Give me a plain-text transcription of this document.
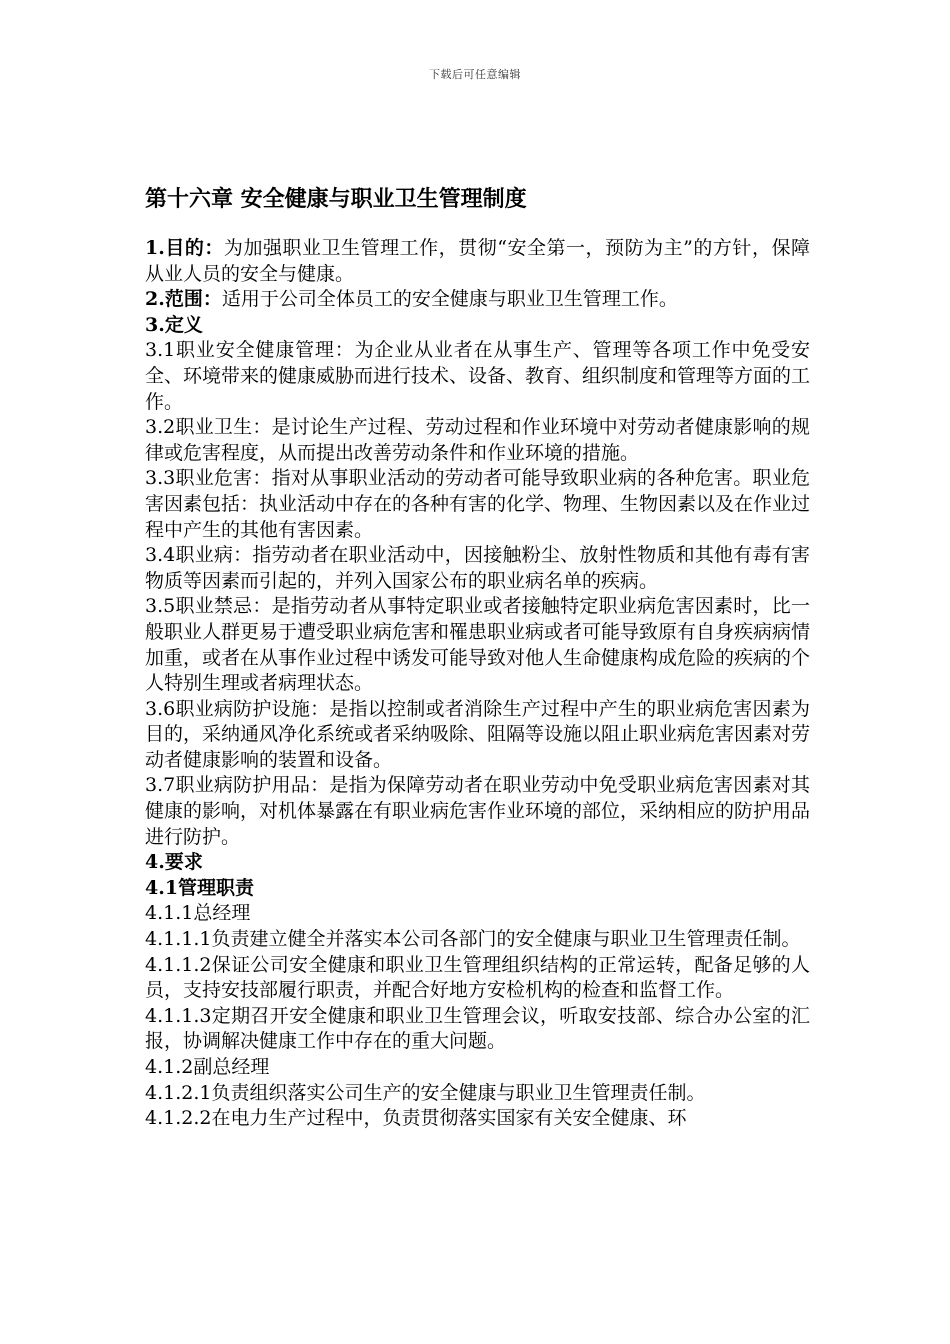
下载后可任意编辑
第十六章 安全健康与职业卫生管理制度

1.目的：为加强职业卫生管理工作，贯彻“安全第一，预防为主”的方针，保障从业人员的安全与健康。

2.范围：适用于公司全体员工的安全健康与职业卫生管理工作。

3.定义

3.1职业安全健康管理：为企业从业者在从事生产、管理等各项工作中免受安全、环境带来的健康威胁而进行技术、设备、教育、组织制度和管理等方面的工作。

3.2职业卫生：是讨论生产过程、劳动过程和作业环境中对劳动者健康影响的规律或危害程度，从而提出改善劳动条件和作业环境的措施。

3.3职业危害：指对从事职业活动的劳动者可能导致职业病的各种危害。职业危害因素包括：执业活动中存在的各种有害的化学、物理、生物因素以及在作业过程中产生的其他有害因素。

3.4职业病：指劳动者在职业活动中，因接触粉尘、放射性物质和其他有毒有害物质等因素而引起的，并列入国家公布的职业病名单的疾病。

3.5职业禁忌：是指劳动者从事特定职业或者接触特定职业病危害因素时，比一般职业人群更易于遭受职业病危害和罹患职业病或者可能导致原有自身疾病病情加重，或者在从事作业过程中诱发可能导致对他人生命健康构成危险的疾病的个人特别生理或者病理状态。

3.6职业病防护设施：是指以控制或者消除生产过程中产生的职业病危害因素为目的，采纳通风净化系统或者采纳吸除、阻隔等设施以阻止职业病危害因素对劳动者健康影响的装置和设备。

3.7职业病防护用品：是指为保障劳动者在职业劳动中免受职业病危害因素对其健康的影响，对机体暴露在有职业病危害作业环境的部位，采纳相应的防护用品进行防护。

4.要求

4.1管理职责

4.1.1总经理

4.1.1.1负责建立健全并落实本公司各部门的安全健康与职业卫生管理责任制。

4.1.1.2保证公司安全健康和职业卫生管理组织结构的正常运转，配备足够的人员，支持安技部履行职责，并配合好地方安检机构的检查和监督工作。

4.1.1.3定期召开安全健康和职业卫生管理会议，听取安技部、综合办公室的汇报，协调解决健康工作中存在的重大问题。

4.1.2副总经理

4.1.2.1负责组织落实公司生产的安全健康与职业卫生管理责任制。

4.1.2.2在电力生产过程中，负责贯彻落实国家有关安全健康、环
